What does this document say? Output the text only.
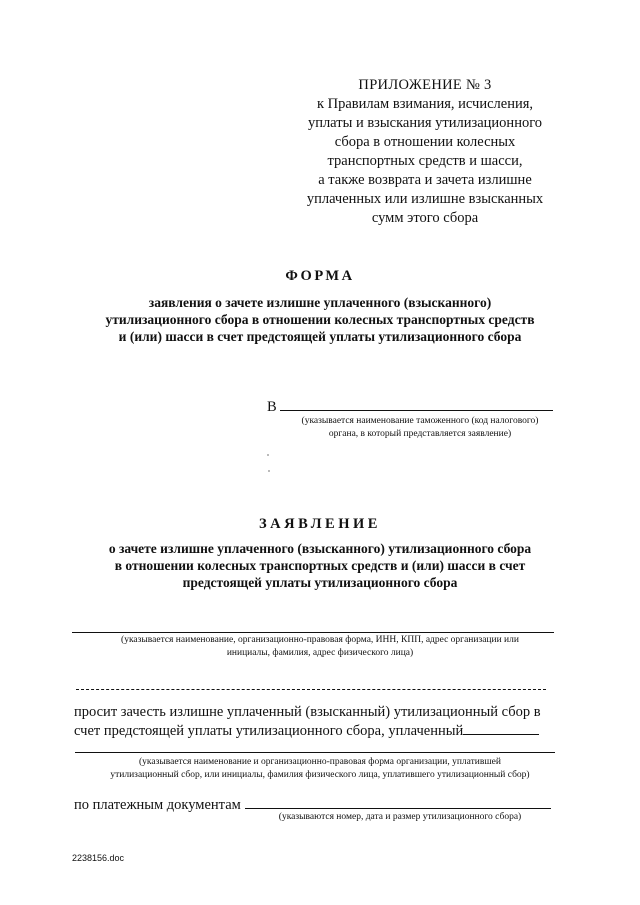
ПРИЛОЖЕНИЕ № 3
к Правилам взимания, исчисления,
уплаты и взыскания утилизационного
сбора в отношении колесных
транспортных средств и шасси,
а также возврата и зачета излишне
уплаченных или излишне взысканных
сумм этого сбора
ФОРМА
заявления о зачете излишне уплаченного (взысканного)
утилизационного сбора в отношении колесных транспортных средств
и (или) шасси в счет предстоящей уплаты утилизационного сбора
В
(указывается наименование таможенного (код налогового)
органа, в который представляется заявление)
ЗАЯВЛЕНИЕ
о зачете излишне уплаченного (взысканного) утилизационного сбора
в отношении колесных транспортных средств и (или) шасси в счет
предстоящей уплаты утилизационного сбора
(указывается наименование, организационно-правовая форма, ИНН, КПП, адрес организации или
инициалы, фамилия, адрес физического лица)
просит зачесть излишне уплаченный (взысканный) утилизационный сбор в
счет предстоящей уплаты утилизационного сбора, уплаченный
(указывается наименование и организационно-правовая форма организации, уплатившей
утилизационный сбор, или инициалы, фамилия физического лица, уплатившего утилизационный сбор)
по платежным документам
(указываются номер, дата и размер утилизационного сбора)
2238156.doc
